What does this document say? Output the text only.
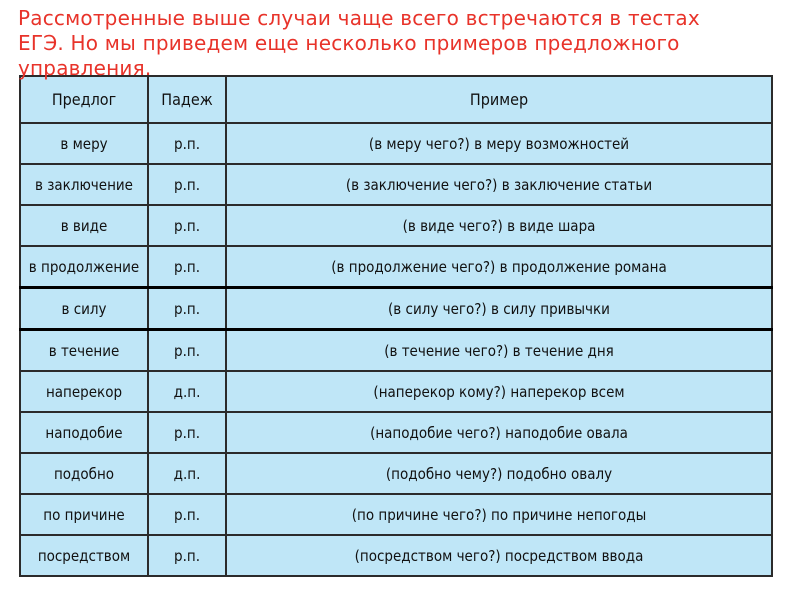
Рассмотренные выше случаи чаще всего встречаются в тестах ЕГЭ. Но мы приведем еще несколько примеров предложного управления.

Предлог	Падеж	Пример
в меру	р.п.	(в меру чего?) в меру возможностей
в заключение	р.п.	(в заключение чего?) в заключение статьи
в виде	р.п.	(в виде чего?) в виде шара
в продолжение	р.п.	(в продолжение чего?) в продолжение романа
в силу	р.п.	(в силу чего?) в силу привычки
в течение	р.п.	(в течение чего?) в течение дня
наперекор	д.п.	(наперекор кому?) наперекор всем
наподобие	р.п.	(наподобие чего?) наподобие овала
подобно	д.п.	(подобно чему?) подобно овалу
по причине	р.п.	(по причине чего?) по причине непогоды
посредством	р.п.	(посредством чего?) посредством ввода
